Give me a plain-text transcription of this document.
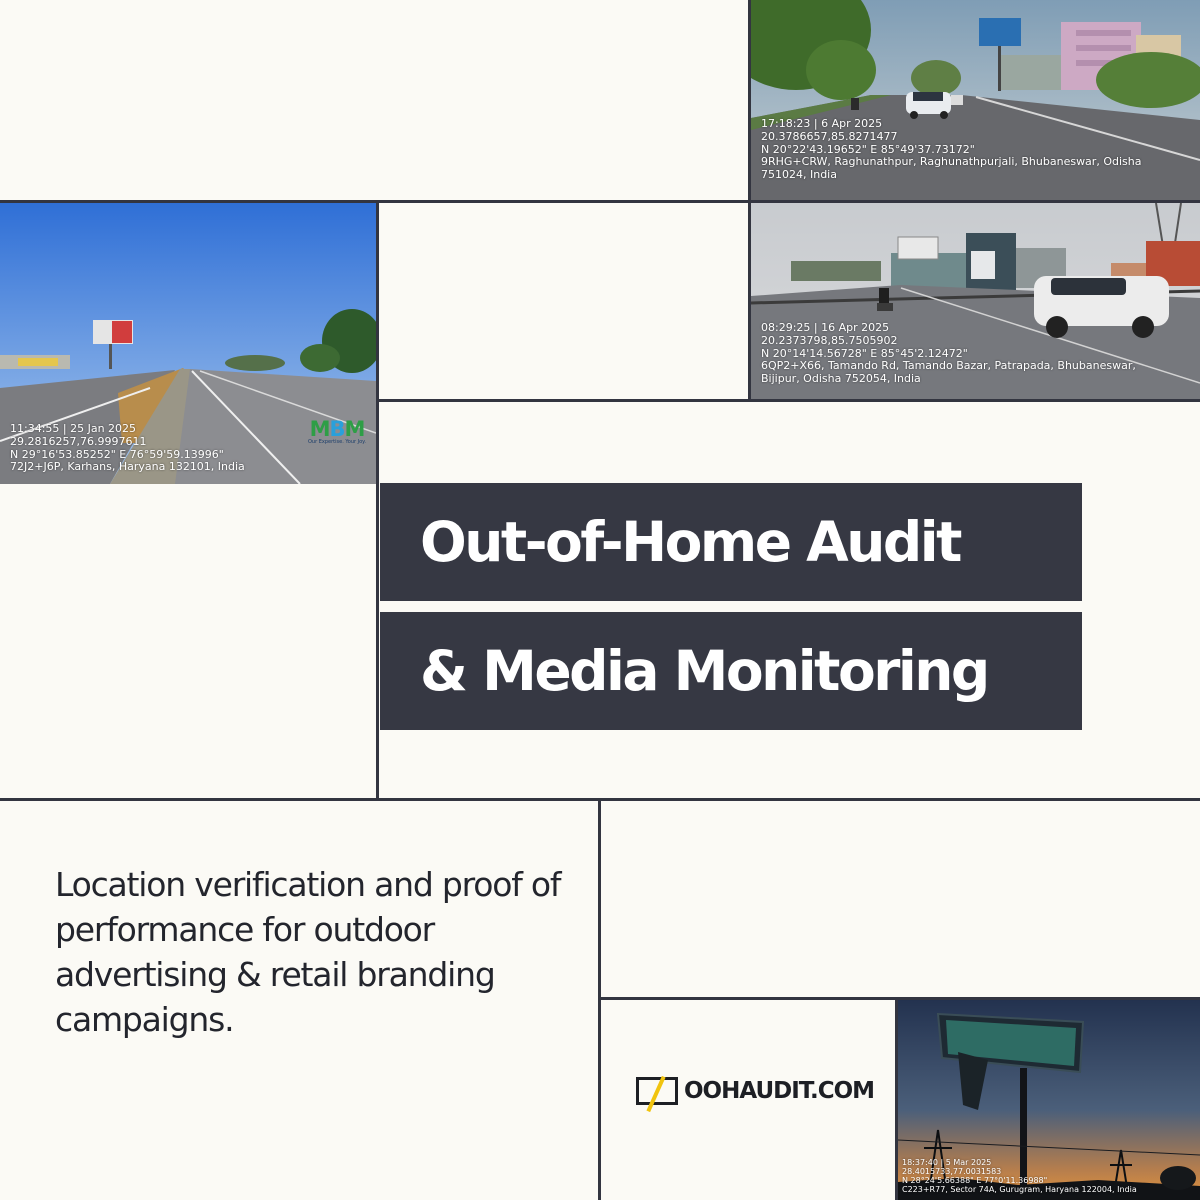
17:18:23 | 6 Apr 2025
20.3786657,85.8271477
N 20°22'43.19652" E 85°49'37.73172"
9RHG+CRW, Raghunathpur, Raghunathpurjali, Bhubaneswar, Odisha
751024, India
MBM
Our Expertise. Your Joy.
11:34:55 | 25 Jan 2025
29.2816257,76.9997611
N 29°16'53.85252" E 76°59'59.13996"
72J2+J6P, Karhans, Haryana 132101, India
08:29:25 | 16 Apr 2025
20.2373798,85.7505902
N 20°14'14.56728" E 85°45'2.12472"
6QP2+X66, Tamando Rd, Tamando Bazar, Patrapada, Bhubaneswar,
Bijipur, Odisha 752054, India
18:37:40 | 5 Mar 2025
28.4015733,77.0031583
N 28°24'5.66388" E 77°0'11.36988"
C223+R77, Sector 74A, Gurugram, Haryana 122004, India
Out-of-Home Audit
& Media Monitoring
Location verification and proof of performance for outdoor advertising & retail branding campaigns.
OOHAUDIT.COM
